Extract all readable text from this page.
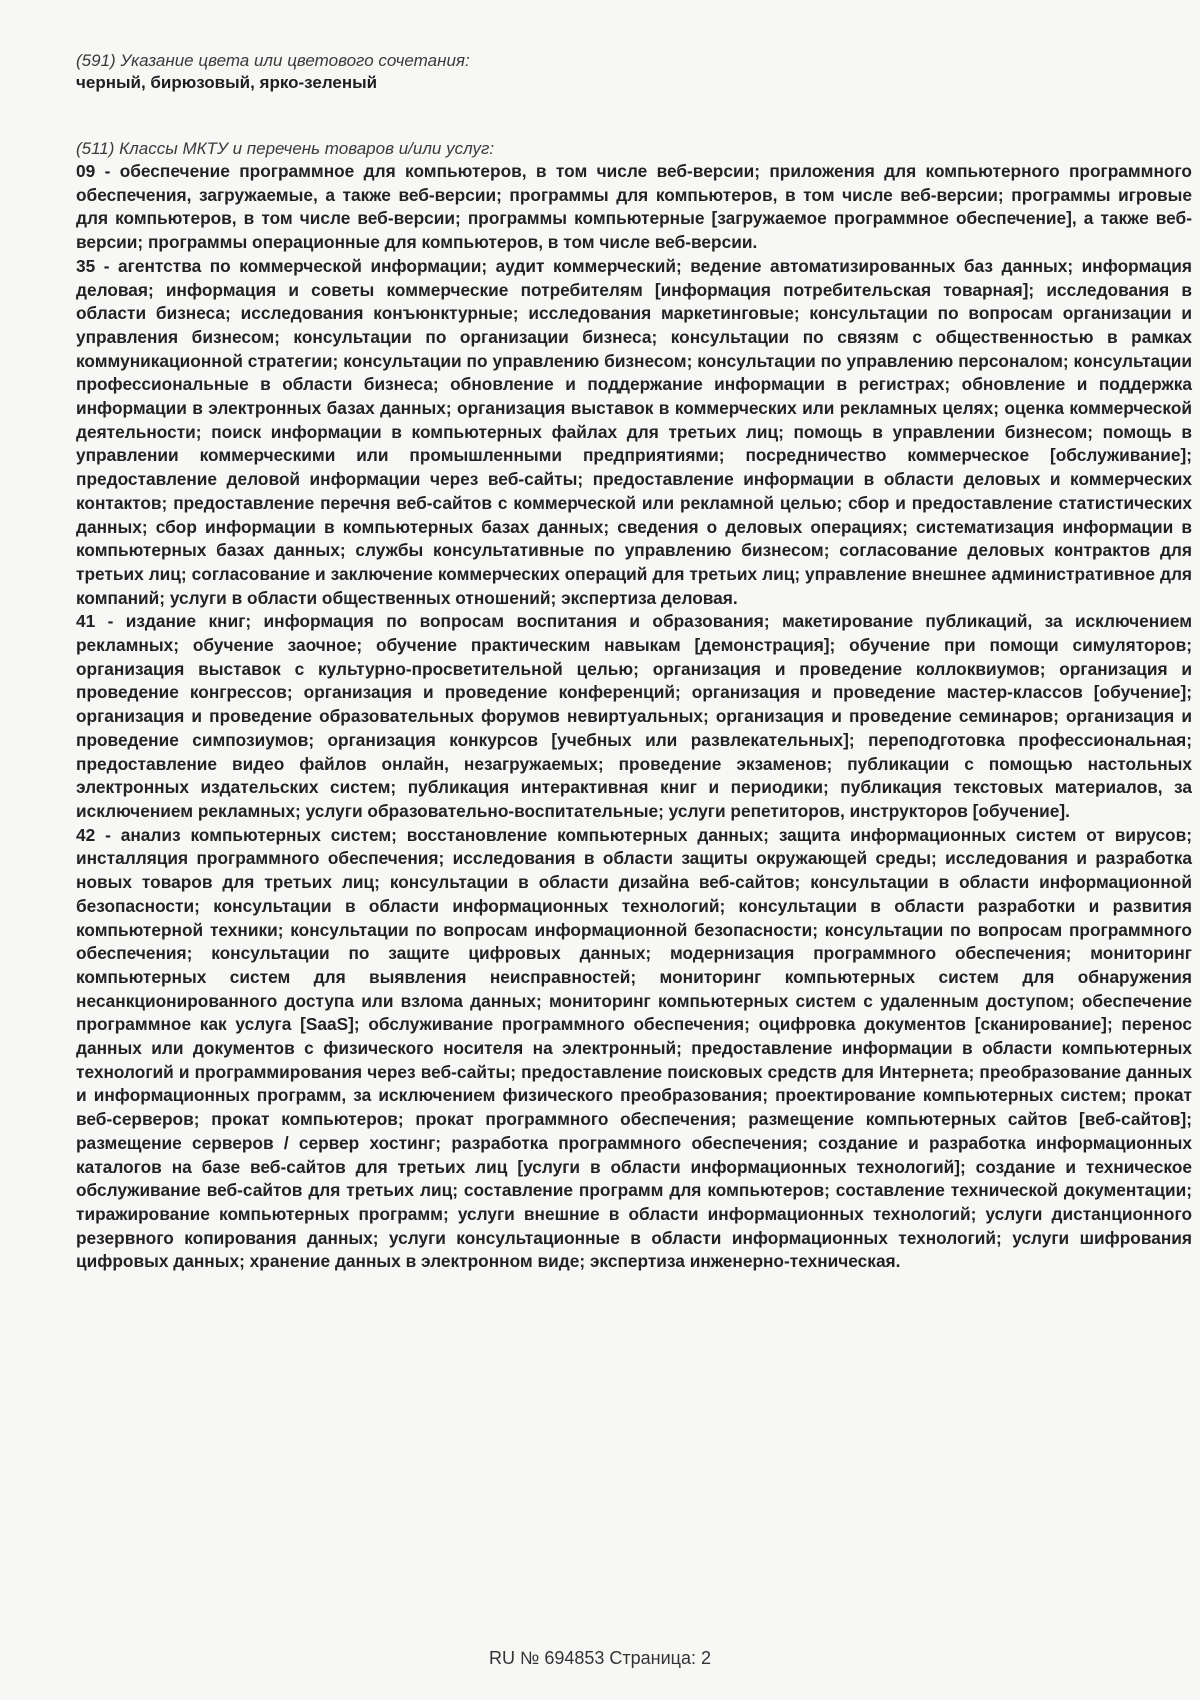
(591) Указание цвета или цветового сочетания:

черный, бирюзовый, ярко-зеленый

(511) Классы МКТУ и перечень товаров и/или услуг:

09 - обеспечение программное для компьютеров, в том числе веб-версии; приложения для компьютерного программного обеспечения, загружаемые, а также веб-версии; программы для компьютеров, в том числе веб-версии; программы игровые для компьютеров, в том числе веб-версии; программы компьютерные [загружаемое программное обеспечение], а также веб-версии; программы операционные для компьютеров, в том числе веб-версии.

35 - агентства по коммерческой информации; аудит коммерческий; ведение автоматизированных баз данных; информация деловая; информация и советы коммерческие потребителям [информация потребительская товарная]; исследования в области бизнеса; исследования конъюнктурные; исследования маркетинговые; консультации по вопросам организации и управления бизнесом; консультации по организации бизнеса; консультации по связям с общественностью в рамках коммуникационной стратегии; консультации по управлению бизнесом; консультации по управлению персоналом; консультации профессиональные в области бизнеса; обновление и поддержание информации в регистрах; обновление и поддержка информации в электронных базах данных; организация выставок в коммерческих или рекламных целях; оценка коммерческой деятельности; поиск информации в компьютерных файлах для третьих лиц; помощь в управлении бизнесом; помощь в управлении коммерческими или промышленными предприятиями; посредничество коммерческое [обслуживание]; предоставление деловой информации через веб-сайты; предоставление информации в области деловых и коммерческих контактов; предоставление перечня веб-сайтов с коммерческой или рекламной целью; сбор и предоставление статистических данных; сбор информации в компьютерных базах данных; сведения о деловых операциях; систематизация информации в компьютерных базах данных; службы консультативные по управлению бизнесом; согласование деловых контрактов для третьих лиц; согласование и заключение коммерческих операций для третьих лиц; управление внешнее административное для компаний; услуги в области общественных отношений; экспертиза деловая.

41 - издание книг; информация по вопросам воспитания и образования; макетирование публикаций, за исключением рекламных; обучение заочное; обучение практическим навыкам [демонстрация]; обучение при помощи симуляторов; организация выставок с культурно-просветительной целью; организация и проведение коллоквиумов; организация и проведение конгрессов; организация и проведение конференций; организация и проведение мастер-классов [обучение]; организация и проведение образовательных форумов невиртуальных; организация и проведение семинаров; организация и проведение симпозиумов; организация конкурсов [учебных или развлекательных]; переподготовка профессиональная; предоставление видео файлов онлайн, незагружаемых; проведение экзаменов; публикации с помощью настольных электронных издательских систем; публикация интерактивная книг и периодики; публикация текстовых материалов, за исключением рекламных; услуги образовательно-воспитательные; услуги репетиторов, инструкторов [обучение].

42 - анализ компьютерных систем; восстановление компьютерных данных; защита информационных систем от вирусов; инсталляция программного обеспечения; исследования в области защиты окружающей среды; исследования и разработка новых товаров для третьих лиц; консультации в области дизайна веб-сайтов; консультации в области информационной безопасности; консультации в области информационных технологий; консультации в области разработки и развития компьютерной техники; консультации по вопросам информационной безопасности; консультации по вопросам программного обеспечения; консультации по защите цифровых данных; модернизация программного обеспечения; мониторинг компьютерных систем для выявления неисправностей; мониторинг компьютерных систем для обнаружения несанкционированного доступа или взлома данных; мониторинг компьютерных систем с удаленным доступом; обеспечение программное как услуга [SaaS]; обслуживание программного обеспечения; оцифровка документов [сканирование]; перенос данных или документов с физического носителя на электронный; предоставление информации в области компьютерных технологий и программирования через веб-сайты; предоставление поисковых средств для Интернета; преобразование данных и информационных программ, за исключением физического преобразования; проектирование компьютерных систем; прокат веб-серверов; прокат компьютеров; прокат программного обеспечения; размещение компьютерных сайтов [веб-сайтов]; размещение серверов / сервер хостинг; разработка программного обеспечения; создание и разработка информационных каталогов на базе веб-сайтов для третьих лиц [услуги в области информационных технологий]; создание и техническое обслуживание веб-сайтов для третьих лиц; составление программ для компьютеров; составление технической документации; тиражирование компьютерных программ; услуги внешние в области информационных технологий; услуги дистанционного резервного копирования данных; услуги консультационные в области информационных технологий; услуги шифрования цифровых данных; хранение данных в электронном виде; экспертиза инженерно-техническая.

RU № 694853 Страница: 2
